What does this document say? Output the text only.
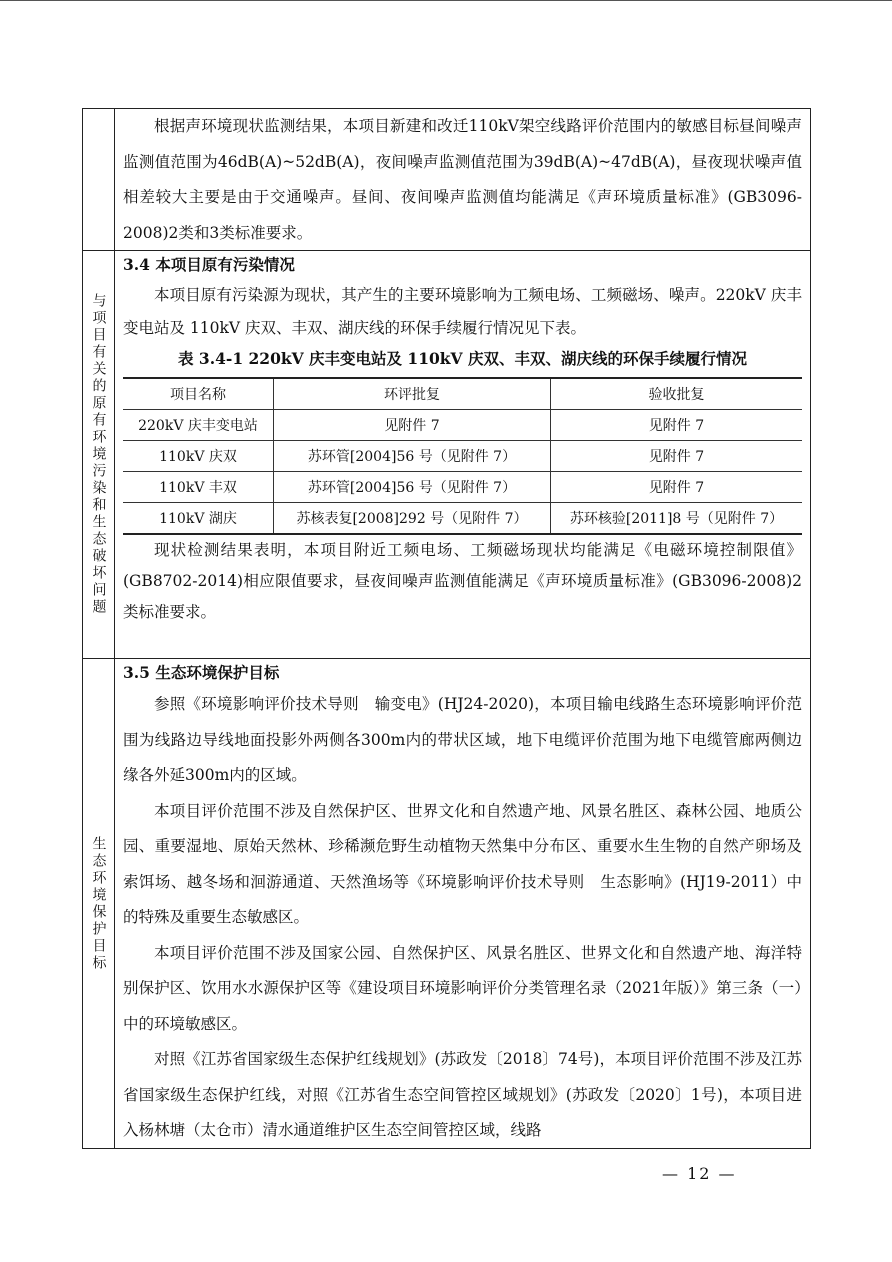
根据声环境现状监测结果，本项目新建和改迁110kV架空线路评价范围内的敏感目标昼间噪声监测值范围为46dB(A)~52dB(A)，夜间噪声监测值范围为39dB(A)~47dB(A)，昼夜现状噪声值相差较大主要是由于交通噪声。昼间、夜间噪声监测值均能满足《声环境质量标准》(GB3096-2008)2类和3类标准要求。

与项目有关的原有环境污染和生态破坏问题

3.4 本项目原有污染情况

本项目原有污染源为现状，其产生的主要环境影响为工频电场、工频磁场、噪声。220kV 庆丰变电站及 110kV 庆双、丰双、湖庆线的环保手续履行情况见下表。

表 3.4-1 220kV 庆丰变电站及 110kV 庆双、丰双、湖庆线的环保手续履行情况

项目名称	环评批复	验收批复
220kV 庆丰变电站	见附件 7	见附件 7
110kV 庆双	苏环管[2004]56 号（见附件 7）	见附件 7
110kV 丰双	苏环管[2004]56 号（见附件 7）	见附件 7
110kV 湖庆	苏核表复[2008]292 号（见附件 7）	苏环核验[2011]8 号（见附件 7）

现状检测结果表明，本项目附近工频电场、工频磁场现状均能满足《电磁环境控制限值》(GB8702-2014)相应限值要求，昼夜间噪声监测值能满足《声环境质量标准》(GB3096-2008)2类标准要求。

生态环境保护目标

3.5 生态环境保护目标

参照《环境影响评价技术导则　输变电》(HJ24-2020)，本项目输电线路生态环境影响评价范围为线路边导线地面投影外两侧各300m内的带状区域，地下电缆评价范围为地下电缆管廊两侧边缘各外延300m内的区域。

本项目评价范围不涉及自然保护区、世界文化和自然遗产地、风景名胜区、森林公园、地质公园、重要湿地、原始天然林、珍稀濒危野生动植物天然集中分布区、重要水生生物的自然产卵场及索饵场、越冬场和洄游通道、天然渔场等《环境影响评价技术导则　生态影响》(HJ19-2011）中的特殊及重要生态敏感区。

本项目评价范围不涉及国家公园、自然保护区、风景名胜区、世界文化和自然遗产地、海洋特别保护区、饮用水水源保护区等《建设项目环境影响评价分类管理名录（2021年版）》第三条（一）中的环境敏感区。

对照《江苏省国家级生态保护红线规划》(苏政发〔2018〕74号)，本项目评价范围不涉及江苏省国家级生态保护红线，对照《江苏省生态空间管控区域规划》(苏政发〔2020〕1号)，本项目进入杨林塘（太仓市）清水通道维护区生态空间管控区域，线路

— 12 —
